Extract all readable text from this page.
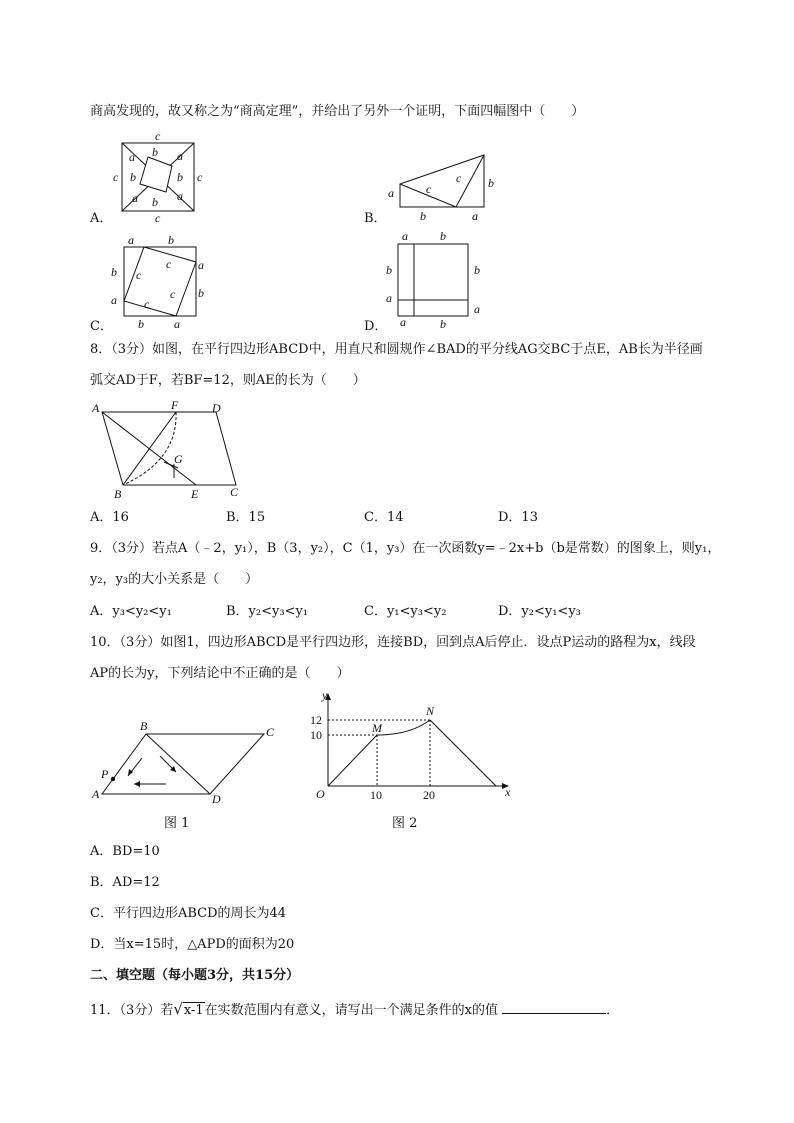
商高发现的，故又称之为“商高定理”，并给出了另外一个证明，下面四幅图中（　　）
c
c	c
c
a b a
b	b
a b a
A．
a	c
c b
b	a
B．
a	b
b
a
a
b
b	a
c
c
c
c
C．
a	b
b
a
b
a
a	b
D．
8．（3分）如图，在平行四边形ABCD中，用直尺和圆规作∠BAD的平分线AG交BC于点E，AB长为半径画
弧交AD于F，若BF=12，则AE的长为（　　）
A	F	D
G
B	E	C
A．16	B．15	C．14	D．13
9．（3分）若点A（﹣2，y₁），B（3，y₂），C（1，y₃）在一次函数y=﹣2x+b（b是常数）的图象上，则y₁，
y₂，y₃的大小关系是（　　）
A．y₃<y₂<y₁	B．y₂<y₃<y₁	C．y₁<y₃<y₂	D．y₂<y₁<y₃
10．（3分）如图1，四边形ABCD是平行四边形，连接BD，回到点A后停止．设点P运动的路程为x，线段
AP的长为y，下列结论中不正确的是（　　）
A
B	C
D
P
图 1
y
x
O
M
N
12
10
10	20
图 2
A．BD=10
B．AD=12
C．平行四边形ABCD的周长为44
D．当x=15时，△APD的面积为20
二、填空题（每小题3分，共15分）
11．（3分）若√x-1在实数范围内有意义，请写出一个满足条件的x的值	．
